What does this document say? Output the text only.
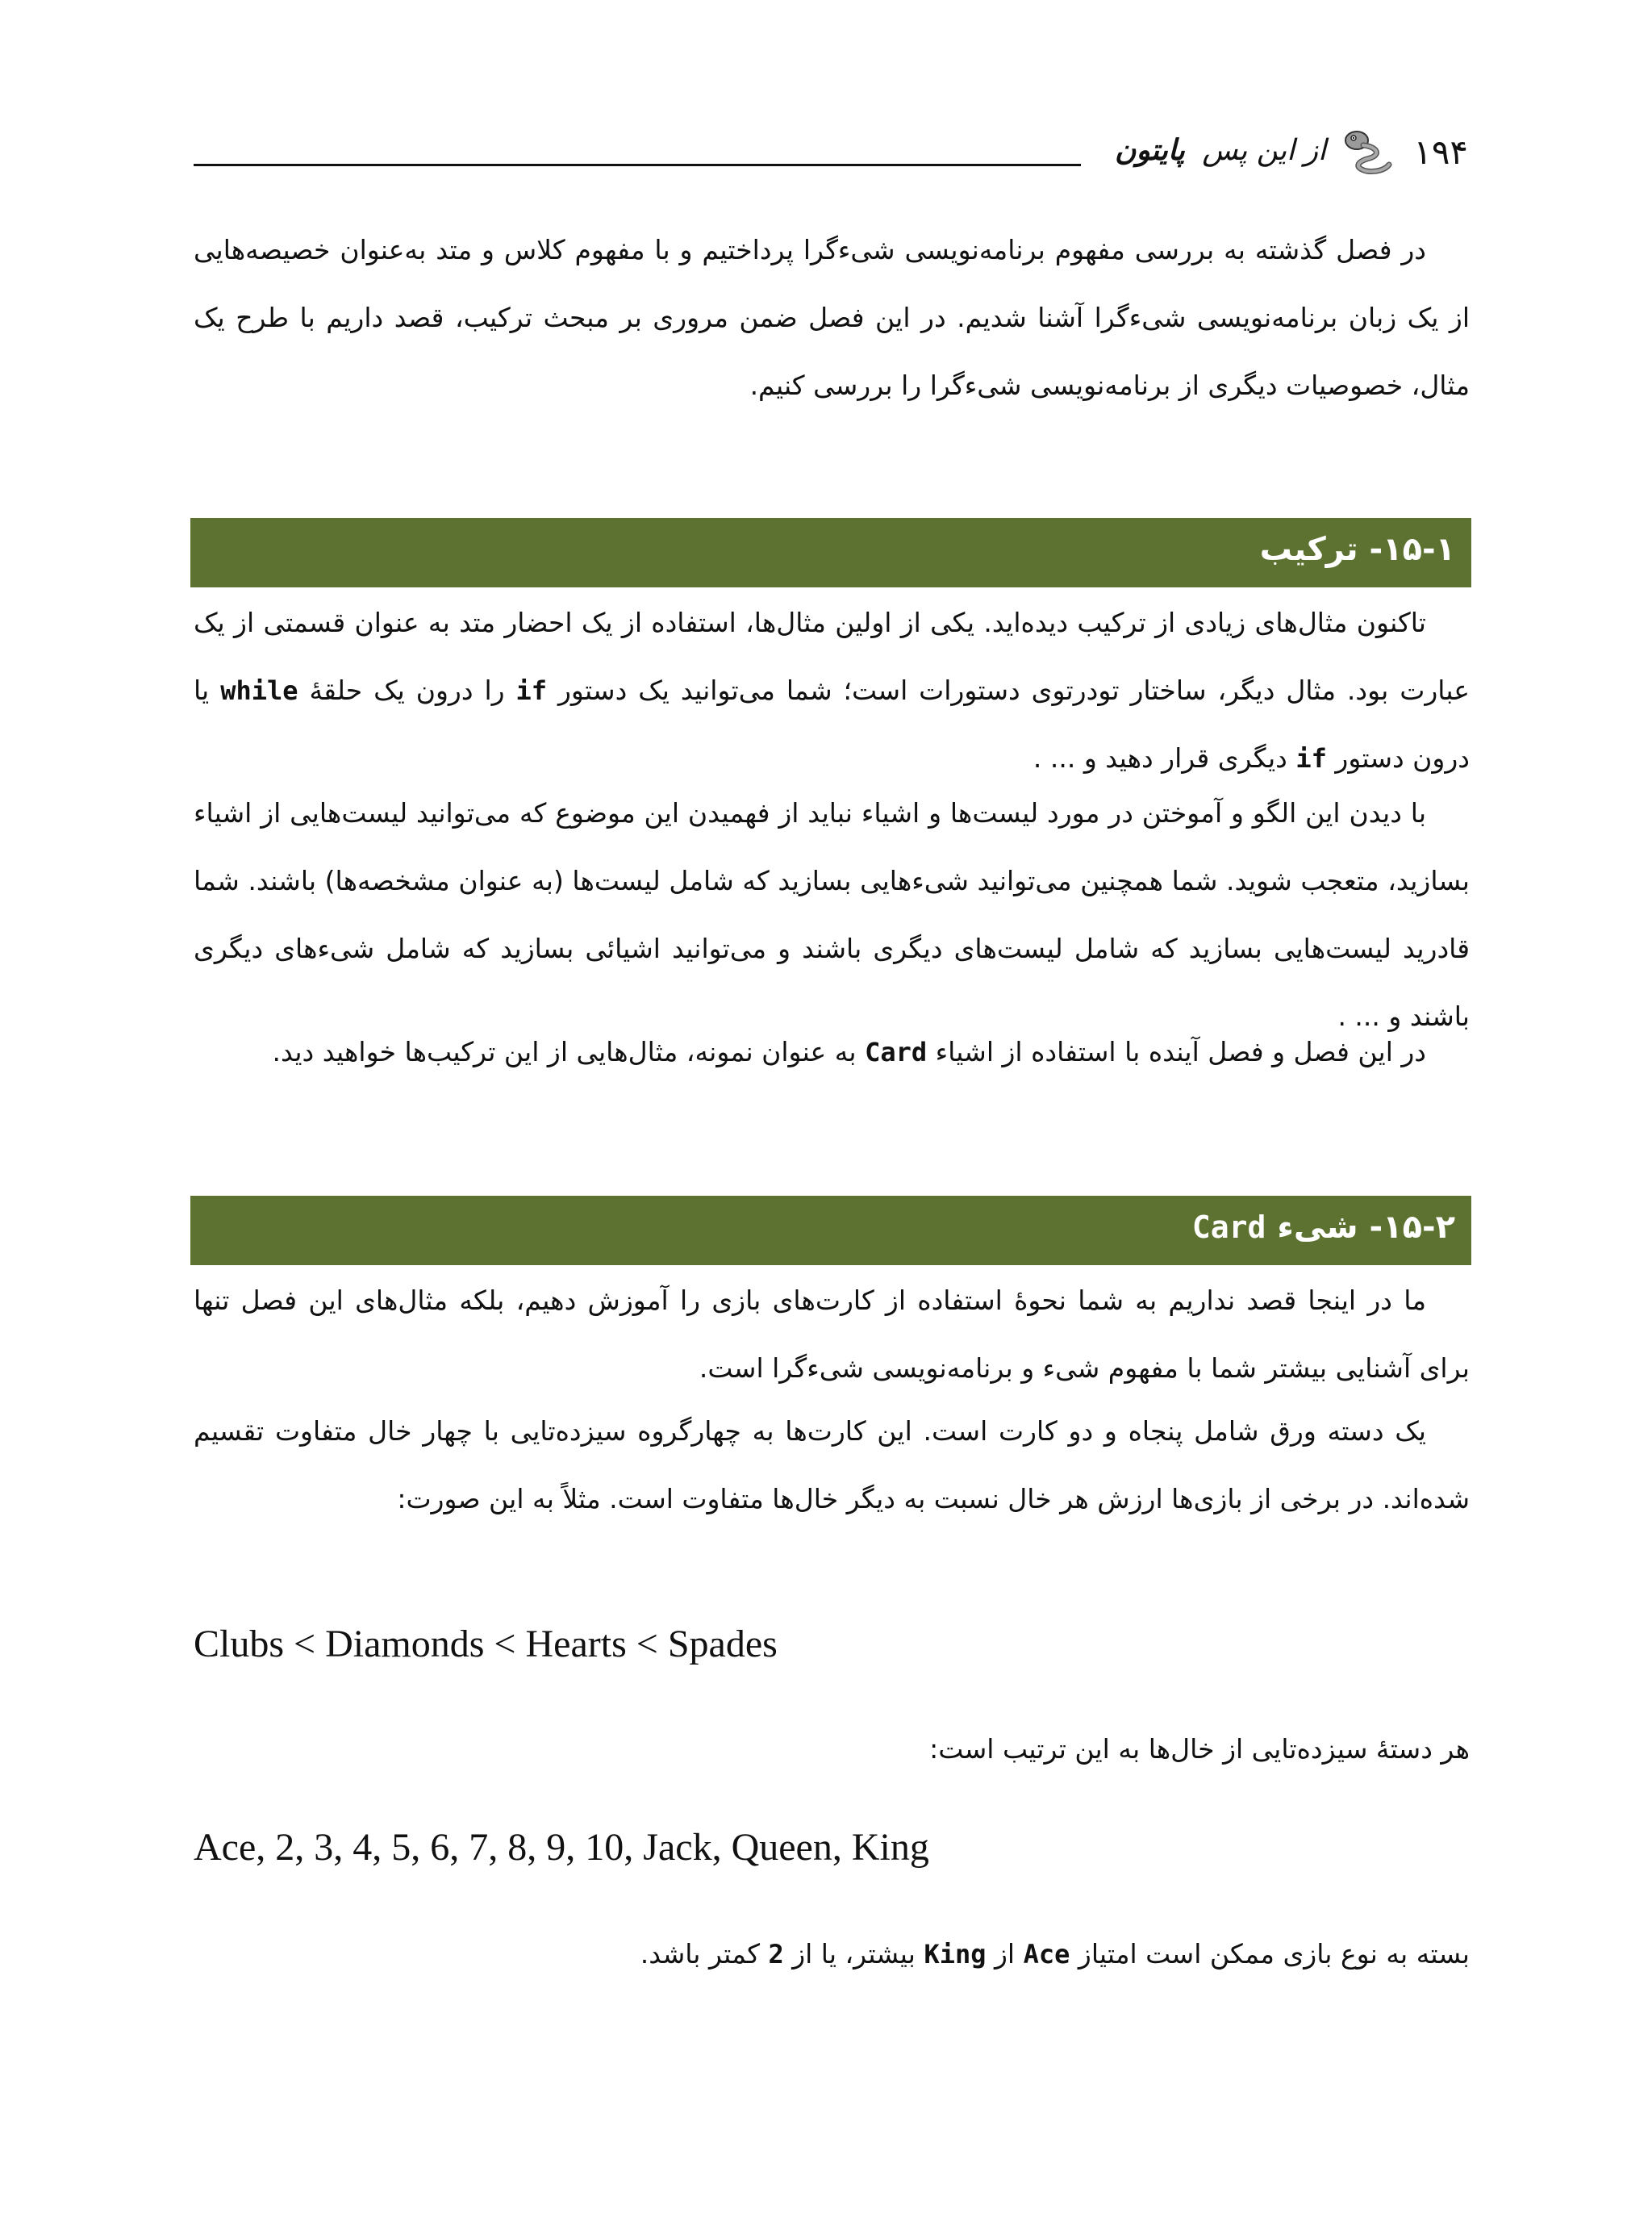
۱۹۴
از این پس پایتون
در فصل گذشته به بررسی مفهوم برنامه‌نویسی شیءگرا پرداختیم و با مفهوم کلاس و متد به‌عنوان خصیصه‌هایی از یک زبان برنامه‌نویسی شیءگرا آشنا شدیم. در این فصل ضمن مروری بر مبحث ترکیب، قصد داریم با طرح یک مثال، خصوصیات دیگری از برنامه‌نویسی شیءگرا را بررسی کنیم.
۱۵-۱- ترکیب
تاکنون مثال‌های زیادی از ترکیب دیده‌اید. یکی از اولین مثال‌ها، استفاده از یک احضار متد به عنوان قسمتی از یک عبارت بود. مثال دیگر، ساختار تودرتوی دستورات است؛ شما می‌توانید یک دستور if را درون یک حلقهٔ while یا درون دستور if دیگری قرار دهید و ... .
با دیدن این الگو و آموختن در مورد لیست‌ها و اشیاء نباید از فهمیدن این موضوع که می‌توانید لیست‌هایی از اشیاء بسازید، متعجب شوید. شما همچنین می‌توانید شیءهایی بسازید که شامل لیست‌ها (به عنوان مشخصه‌ها) باشند. شما قادرید لیست‌هایی بسازید که شامل لیست‌های دیگری باشند و می‌توانید اشیائی بسازید که شامل شیءهای دیگری باشند و ... .
در این فصل و فصل آینده با استفاده از اشیاء Card به عنوان نمونه، مثال‌هایی از این ترکیب‌ها خواهید دید.
۱۵-۲- شیء Card
ما در اینجا قصد نداریم به شما نحوهٔ استفاده از کارت‌های بازی را آموزش دهیم، بلکه مثال‌های این فصل تنها برای آشنایی بیشتر شما با مفهوم شیء و برنامه‌نویسی شیءگرا است.
یک دسته ورق شامل پنجاه و دو کارت است. این کارت‌ها به چهارگروه سیزده‌تایی با چهار خال متفاوت تقسیم شده‌اند. در برخی از بازی‌ها ارزش هر خال نسبت به دیگر خال‌ها متفاوت است. مثلاً به این صورت:
Clubs < Diamonds < Hearts < Spades
هر دستهٔ سیزده‌تایی از خال‌ها به این ترتیب است:
Ace, 2, 3, 4, 5, 6, 7, 8, 9, 10, Jack, Queen, King
بسته به نوع بازی ممکن است امتیاز Ace از King بیشتر، یا از 2 کمتر باشد.
